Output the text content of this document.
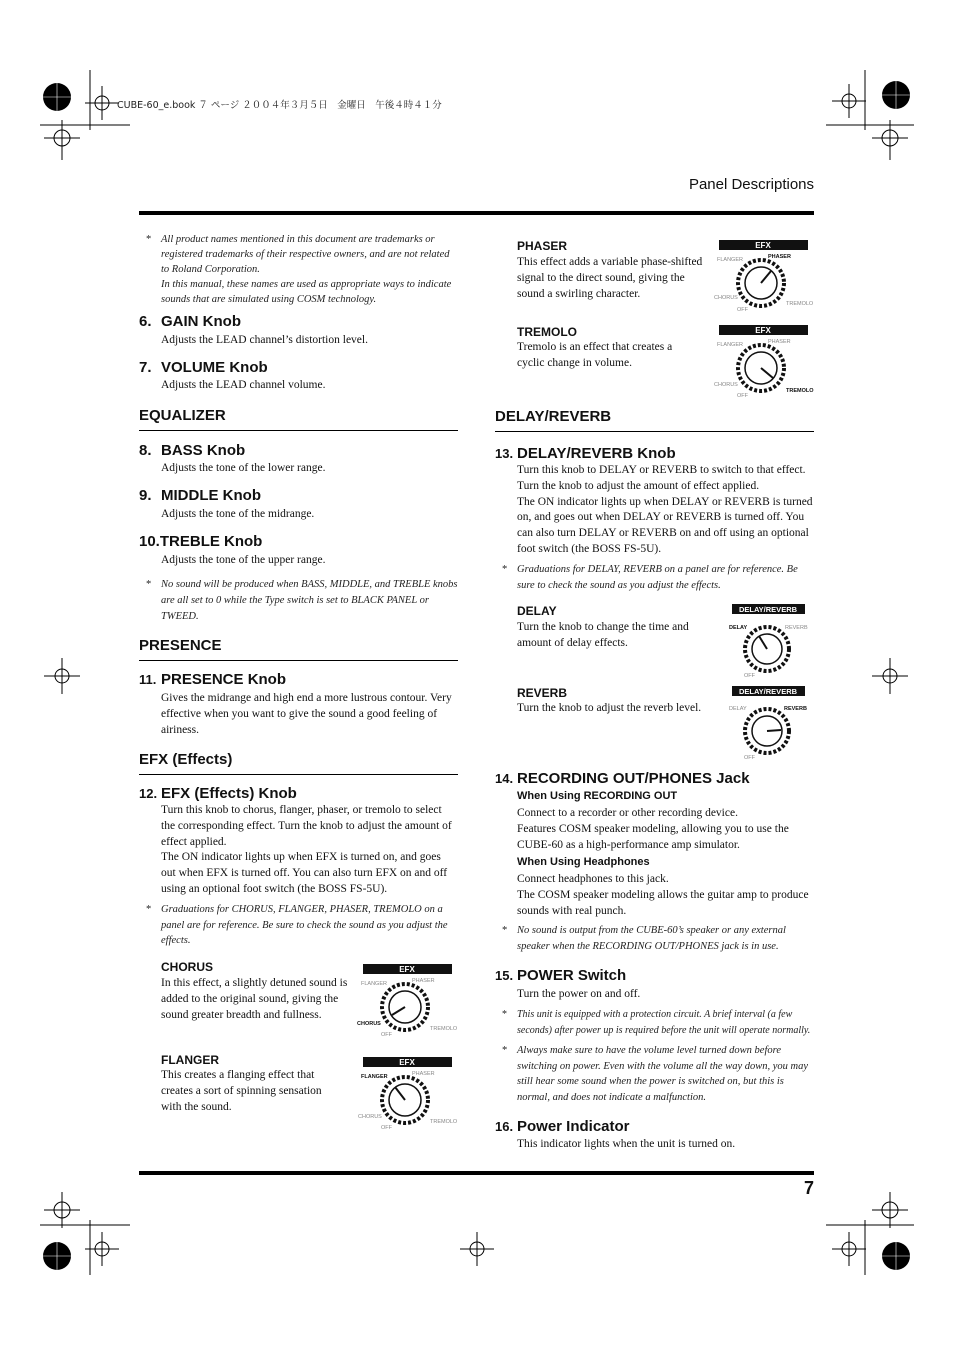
CUBE-60_e.book ７ ページ ２００４年３月５日　金曜日　午後４時４１分
Panel Descriptions
* All product names mentioned in this document are trademarks or registered trademarks of their respective owners, and are not related to Roland Corporation.
In this manual, these names are used as appropriate ways to indicate sounds that are simulated using COSM technology.
6. GAIN Knob
Adjusts the LEAD channel’s distortion level.
7. VOLUME Knob
Adjusts the LEAD channel volume.
EQUALIZER
8. BASS Knob
Adjusts the tone of the lower range.
9. MIDDLE Knob
Adjusts the tone of the midrange.
10.TREBLE Knob
Adjusts the tone of the upper range.
* No sound will be produced when BASS, MIDDLE, and TREBLE knobs are all set to 0 while the Type switch is set to BLACK PANEL or TWEED.
PRESENCE
11. PRESENCE Knob
Gives the midrange and high end a more lustrous contour. Very effective when you want to give the sound a good feeling of airiness.
EFX (Effects)
12. EFX (Effects) Knob
Turn this knob to chorus, flanger, phaser, or tremolo to select the corresponding effect. Turn the knob to adjust the amount of effect applied.
The ON indicator lights up when EFX is turned on, and goes out when EFX is turned off. You can also turn EFX on and off using an optional foot switch (the BOSS FS-5U).
* Graduations for CHORUS, FLANGER, PHASER, TREMOLO on a panel are for reference. Be sure to check the sound as you adjust the effects.
CHORUS
In this effect, a slightly detuned sound is added to the original sound, giving the sound greater breadth and fullness.
FLANGER
This creates a flanging effect that creates a sort of spinning sensation with the sound.
PHASER
This effect adds a variable phase-shifted signal to the direct sound, giving the sound a swirling character.
TREMOLO
Tremolo is an effect that creates a cyclic change in volume.
DELAY/REVERB
13. DELAY/REVERB Knob
Turn this knob to DELAY or REVERB to switch to that effect. Turn the knob to adjust the amount of effect applied.
The ON indicator lights up when DELAY or REVERB is turned on, and goes out when DELAY or REVERB is turned off. You can also turn DELAY or REVERB on and off using an optional foot switch (the BOSS FS-5U).
* Graduations for DELAY, REVERB on a panel are for reference. Be sure to check the sound as you adjust the effects.
DELAY
Turn the knob to change the time and amount of delay effects.
REVERB
Turn the knob to adjust the reverb level.
14. RECORDING OUT/PHONES Jack
When Using RECORDING OUT
Connect to a recorder or other recording device.
Features COSM speaker modeling, allowing you to use the CUBE-60 as a high-performance amp simulator.
When Using Headphones
Connect headphones to this jack.
The COSM speaker modeling allows the guitar amp to produce sounds with real punch.
* No sound is output from the CUBE-60’s speaker or any external speaker when the RECORDING OUT/PHONES jack is in use.
15. POWER Switch
Turn the power on and off.
* This unit is equipped with a protection circuit. A brief interval (a few seconds) after power up is required before the unit will operate normally.
* Always make sure to have the volume level turned down before switching on power. Even with the volume all the way down, you may still hear some sound when the power is switched on, but this is normal, and does not indicate a malfunction.
16. Power Indicator
This indicator lights when the unit is turned on.
7
EFX
FLANGER	PHASER
CHORUS
TREMOLO
OFF
EFX
FLANGER	PHASER
CHORUS
TREMOLO
OFF
EFX
FLANGER	PHASER
CHORUS
TREMOLO
OFF
EFX
FLANGER	PHASER
CHORUS
TREMOLO
OFF
DELAY/REVERB
DELAY	REVERB
OFF
DELAY/REVERB
DELAY	REVERB
OFF
